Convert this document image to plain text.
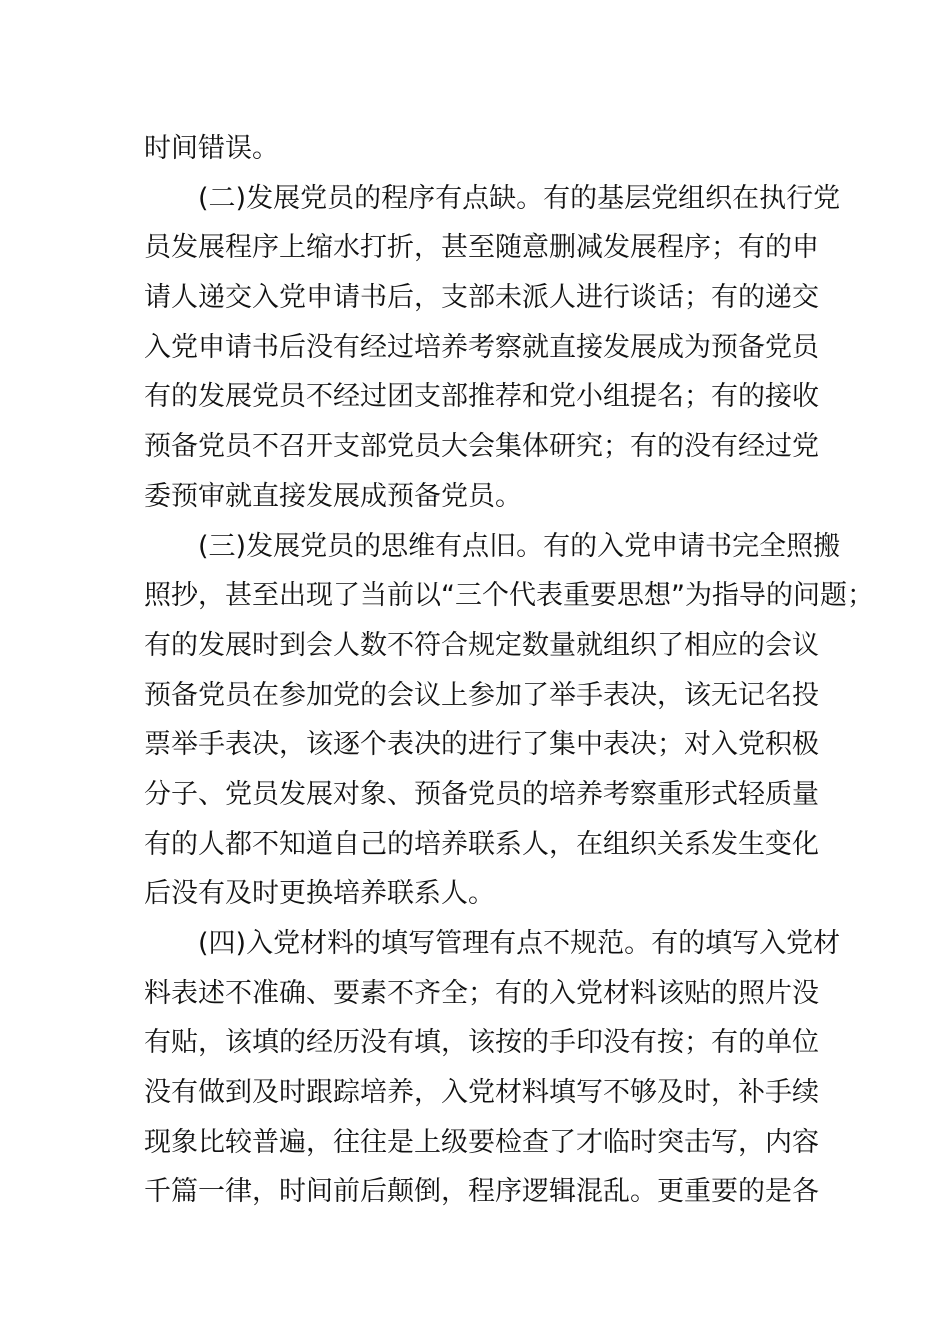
时间错误。
　　(二)发展党员的程序有点缺。有的基层党组织在执行党
员发展程序上缩水打折，甚至随意删减发展程序；有的申
请人递交入党申请书后，支部未派人进行谈话；有的递交
入党申请书后没有经过培养考察就直接发展成为预备党员
有的发展党员不经过团支部推荐和党小组提名；有的接收
预备党员不召开支部党员大会集体研究；有的没有经过党
委预审就直接发展成预备党员。
　　(三)发展党员的思维有点旧。有的入党申请书完全照搬
照抄，甚至出现了当前以“三个代表重要思想”为指导的问题；
有的发展时到会人数不符合规定数量就组织了相应的会议
预备党员在参加党的会议上参加了举手表决，该无记名投
票举手表决，该逐个表决的进行了集中表决；对入党积极
分子、党员发展对象、预备党员的培养考察重形式轻质量
有的人都不知道自己的培养联系人，在组织关系发生变化
后没有及时更换培养联系人。
　　(四)入党材料的填写管理有点不规范。有的填写入党材
料表述不准确、要素不齐全；有的入党材料该贴的照片没
有贴，该填的经历没有填，该按的手印没有按；有的单位
没有做到及时跟踪培养，入党材料填写不够及时，补手续
现象比较普遍，往往是上级要检查了才临时突击写，内容
千篇一律，时间前后颠倒，程序逻辑混乱。更重要的是各
